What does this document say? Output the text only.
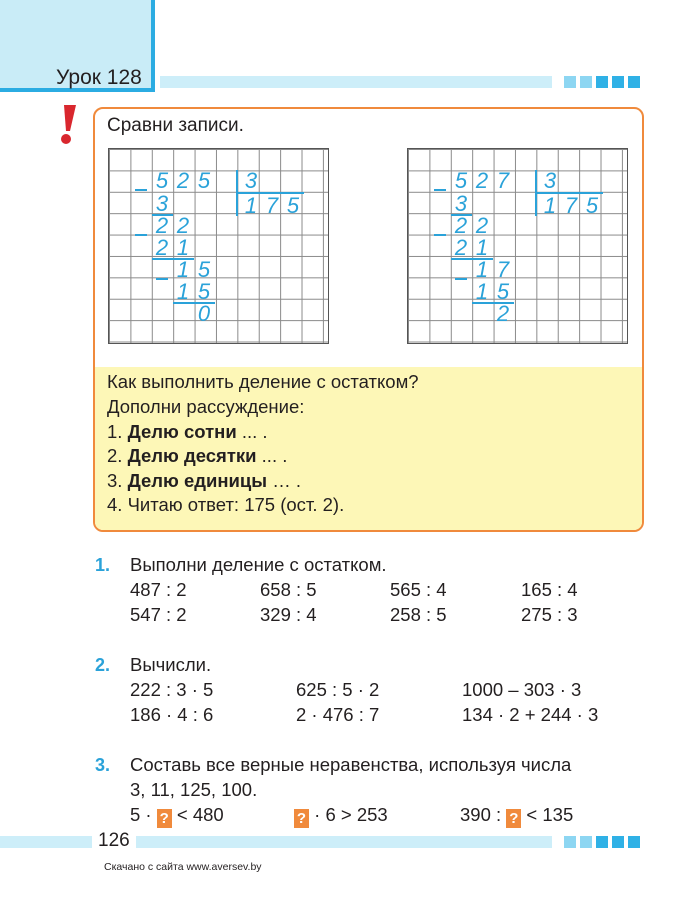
Урок 128
Сравни записи.
5 2 5 3
1 7 5
3
2 2
2 1
1 5
1 5
0
5 2 7 3
1 7 5
3
2 2
2 1
1 7
1 5
2
Как выполнить деление с остатком?
Дополни рассуждение:
1. Делю сотни ... .
2. Делю десятки ... .
3. Делю единицы … .
4. Читаю ответ: 175 (ост. 2).
1. Выполни деление с остатком.
487 : 2	658 : 5	565 : 4	165 : 4
547 : 2	329 : 4	258 : 5	275 : 3
2. Вычисли.
222 : 3 · 5	625 : 5 · 2	1000 – 303 · 3
186 · 4 : 6	2 · 476 : 7	134 · 2 + 244 · 3
3. Составь все верные неравенства, используя числа
3, 11, 125, 100.
5 · ? < 480	? · 6 > 253	390 : ? < 135
126
Скачано с сайта www.aversev.by
